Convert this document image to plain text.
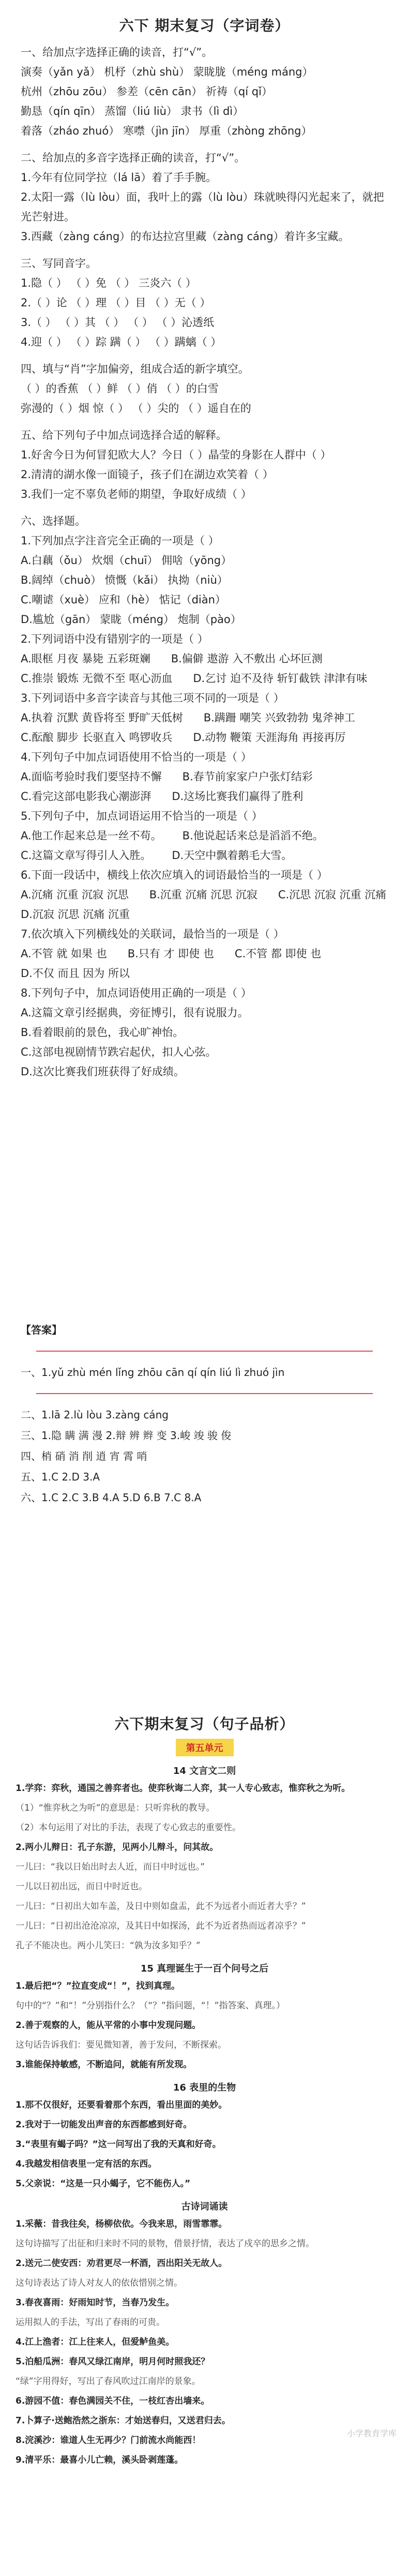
六下 期末复习（字词卷）
一、给加点字选择正确的读音，打“√”。
演奏（yǎn yǎ） 机杼（zhù shù） 蒙眬胧（méng máng）
杭州（zhōu zōu） 参差（cēn cān） 祈祷（qí qǐ）
勤恳（qín qīn） 蒸馏（liú liù） 隶书（lì dì）
着落（zháo zhuó） 寒噤（jìn jīn） 厚重（zhòng zhōng）
二、给加点的多音字选择正确的读音，打“√”。
1.今年有位同学拉（lá lā）着了手手腕。
2.太阳一露（lù lòu）面，我叶上的露（lù lòu）珠就映得闪光起来了，就把光芒射进。
3.西藏（zàng cáng）的布达拉宫里藏（zàng cáng）着许多宝藏。
三、写同音字。
1.隐（ ） （ ）免 （ ） 三炎六（ ）
2.（ ）论 （ ）理 （ ）目 （ ）无（ ）
3.（ ） （ ）其 （ ） （ ） （ ）沁透纸
4.迎（ ） （ ）踪 蹒（ ） （ ）蹒螭（ ）
四、填与“肖”字加偏旁，组成合适的新字填空。
（ ）的香蕉 （ ）鲜 （ ）俏 （ ）的白雪
弥漫的（ ）烟 惊（ ） （ ）尖的 （ ）遥自在的
五、给下列句子中加点词选择合适的解释。
1.好舍今日为何冒犯欧大人？今日（ ）晶莹的身影在人群中（ ）
2.清清的湖水像一面镜子，孩子们在湖边欢笑着（ ）
3.我们一定不辜负老师的期望，争取好成绩（ ）
六、选择题。
1.下列加点字注音完全正确的一项是（ ）
A.白藕（ǒu） 炊烟（chuī） 佣啥（yōng）
B.阔绰（chuò） 愤慨（kǎi） 执拗（niù）
C.嘲谑（xuè） 应和（hè） 惦记（diàn）
D.尴尬（gān） 蒙眬（méng） 炮制（pào）
2.下列词语中没有错别字的一项是（ ）
A.眼框 月夜 暴毙 五彩斑斓 B.偏僻 遨游 入不敷出 心坏叵测
C.推崇 锻炼 无微不至 呕心沥血 D.乞讨 迫不及待 斩钉截铁 津津有味
3.下列词语中多音字读音与其他三项不同的一项是（ ）
A.执着 沉默 黄昏将至 野旷天低树 B.蹒跚 嘲笑 兴致勃勃 鬼斧神工
C.酝酿 脚步 长驱直入 鸣锣收兵 D.动物 鞭策 天涯海角 再接再厉
4.下列句子中加点词语使用不恰当的一项是（ ）
A.面临考验时我们要坚持不懈 B.春节前家家户户张灯结彩
C.看完这部电影我心潮澎湃 D.这场比赛我们赢得了胜利
5.下列句子中，加点词语运用不恰当的一项是（ ）
A.他工作起来总是一丝不苟。 B.他说起话来总是滔滔不绝。
C.这篇文章写得引人入胜。 D.天空中飘着鹅毛大雪。
6.下面一段话中，横线上依次应填入的词语最恰当的一项是（ ）
A.沉痛 沉重 沉寂 沉思 B.沉重 沉痛 沉思 沉寂 C.沉思 沉寂 沉重 沉痛
D.沉寂 沉思 沉痛 沉重
7.依次填入下列横线处的关联词，最恰当的一项是（ ）
A.不管 就 如果 也 B.只有 才 即使 也 C.不管 都 即使 也
D.不仅 而且 因为 所以
8.下列句子中，加点词语使用正确的一项是（ ）
A.这篇文章引经据典，旁征博引，很有说服力。
B.看着眼前的景色，我心旷神怡。
C.这部电视剧情节跌宕起伏，扣人心弦。
D.这次比赛我们班获得了好成绩。
【答案】
一、1.yǔ zhù mén lǐng zhōu cān qí qín liú lì zhuó jìn
二、1.lā 2.lù lòu 3.zàng cáng
三、1.隐 瞒 满 漫 2.辩 辨 辫 变 3.峻 竣 骏 俊
四、梢 硝 消 削 逍 宵 霄 哨
五、1.C 2.D 3.A
六、1.C 2.C 3.B 4.A 5.D 6.B 7.C 8.A
六下期末复习（句子品析）
第五单元
14 文言文二则
1.学弈：弈秋，通国之善弈者也。使弈秋诲二人弈，其一人专心致志，惟弈秋之为听。
（1）“惟弈秋之为听”的意思是：只听弈秋的教导。
（2）本句运用了对比的手法，表现了专心致志的重要性。
2.两小儿辩日：孔子东游，见两小儿辩斗，问其故。
一儿曰：“我以日始出时去人近，而日中时远也。”
一儿以日初出远，而日中时近也。
一儿曰：“日初出大如车盖，及日中则如盘盂，此不为远者小而近者大乎？”
一儿曰：“日初出沧沧凉凉，及其日中如探汤，此不为近者热而远者凉乎？”
孔子不能决也。两小儿笑曰：“孰为汝多知乎？”
15 真理诞生于一百个问号之后
1.最后把“？”拉直变成“！”，找到真理。
句中的“？”和“！”分别指什么？（“？”指问题，“！”指答案、真理。）
2.善于观察的人，能从平常的小事中发现问题。
这句话告诉我们：要见微知著，善于发问，不断探索。
3.谁能保持敏感，不断追问，就能有所发现。
16 表里的生物
1.那不仅很好，还要看着那个东西，看出里面的美妙。
2.我对于一切能发出声音的东西都感到好奇。
3.“表里有蝎子吗？”这一问写出了我的天真和好奇。
4.我越发相信表里一定有活的东西。
5.父亲说：“这是一只小蝎子，它不能伤人。”
古诗词诵读
1.采薇：昔我往矣，杨柳依依。今我来思，雨雪霏霏。
这句诗描写了出征和归来时不同的景物，借景抒情，表达了戍卒的思乡之情。
2.送元二使安西：劝君更尽一杯酒，西出阳关无故人。
这句诗表达了诗人对友人的依依惜别之情。
3.春夜喜雨：好雨知时节，当春乃发生。
运用拟人的手法，写出了春雨的可贵。
4.江上渔者：江上往来人，但爱鲈鱼美。
5.泊船瓜洲：春风又绿江南岸，明月何时照我还？
“绿”字用得好，写出了春风吹过江南岸的景象。
6.游园不值：春色满园关不住，一枝红杏出墙来。
7.卜算子·送鲍浩然之浙东：才始送春归，又送君归去。
8.浣溪沙：谁道人生无再少？门前流水尚能西！
9.清平乐：最喜小儿亡赖，溪头卧剥莲蓬。
小学教育学库
